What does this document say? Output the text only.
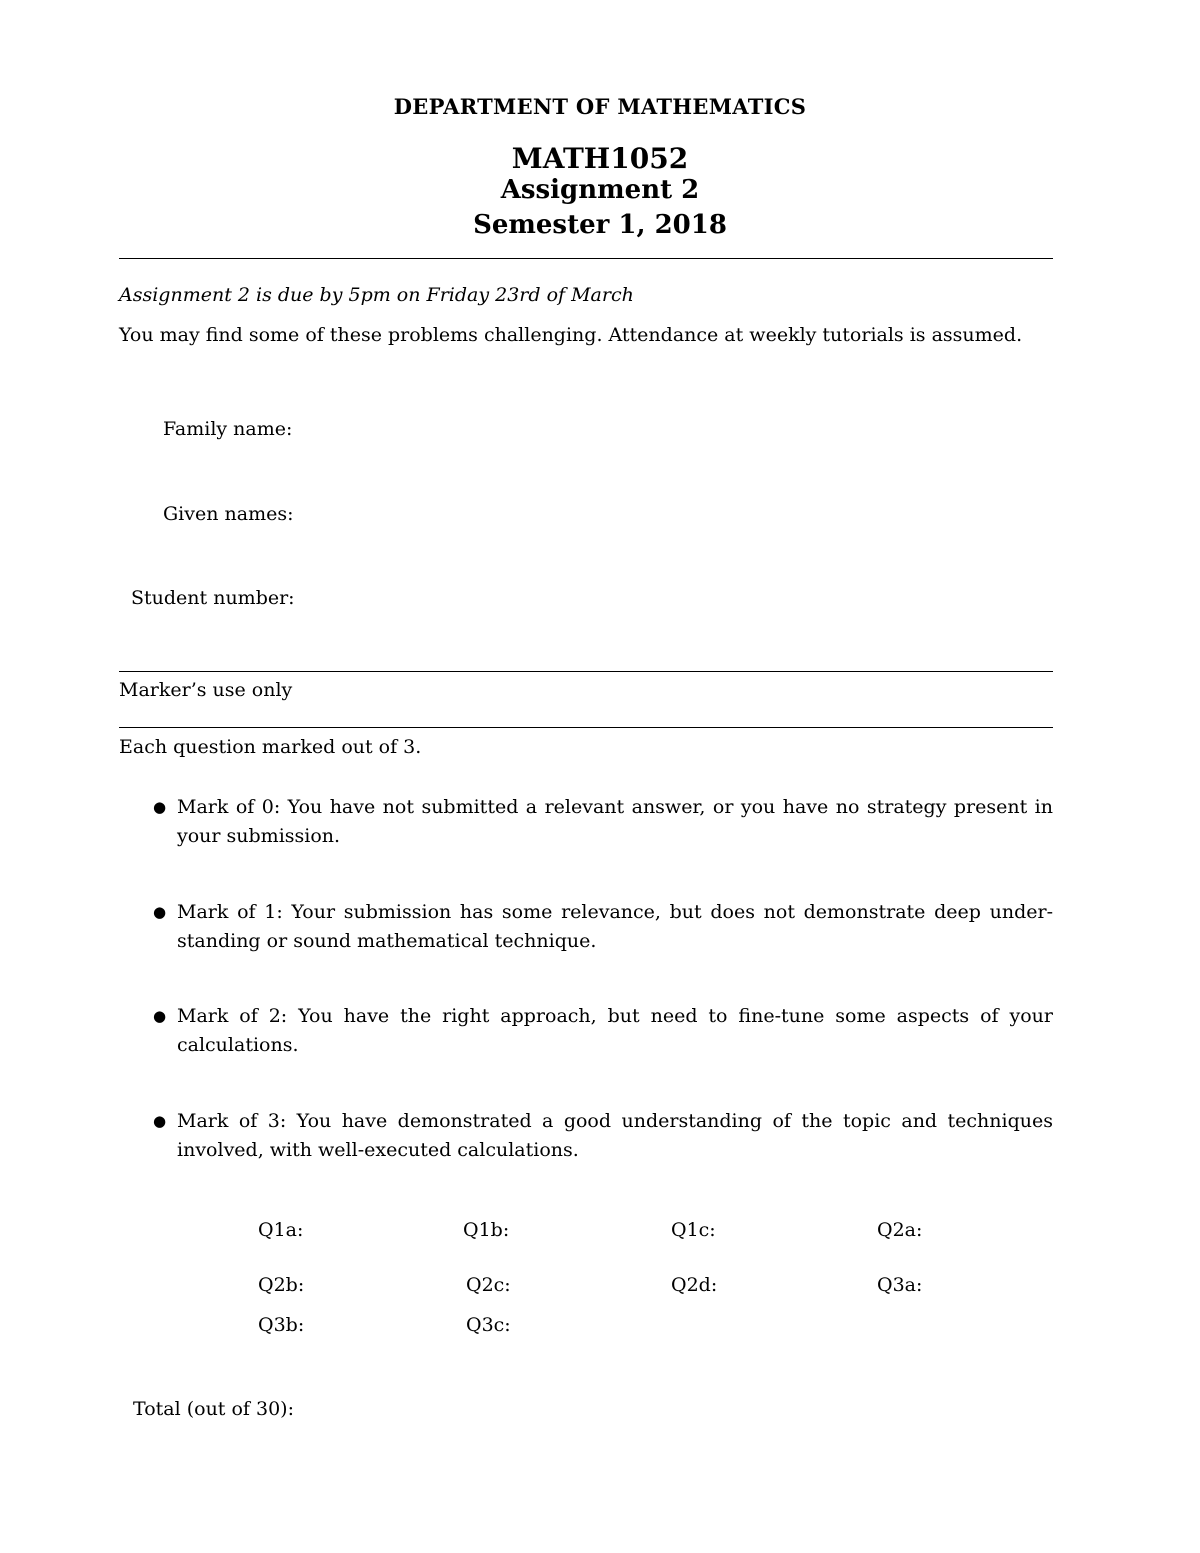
DEPARTMENT OF MATHEMATICS
MATH1052
Assignment 2
Semester 1, 2018
Assignment 2 is due by 5pm on Friday 23rd of March
You may find some of these problems challenging. Attendance at weekly tutorials is assumed.
Family name:
Given names:
Student number:
Marker’s use only
Each question marked out of 3.
● Mark of 0: You have not submitted a relevant answer, or you have no strategy present in your submission.
● Mark of 1: Your submission has some relevance, but does not demonstrate deep under-standing or sound mathematical technique.
● Mark of 2: You have the right approach, but need to fine-tune some aspects of your calculations.
● Mark of 3: You have demonstrated a good understanding of the topic and techniques involved, with well-executed calculations.
Q1a:	Q1b:	Q1c:	Q2a:
Q2b:	Q2c:	Q2d:	Q3a:
Q3b:	Q3c:
Total (out of 30):
